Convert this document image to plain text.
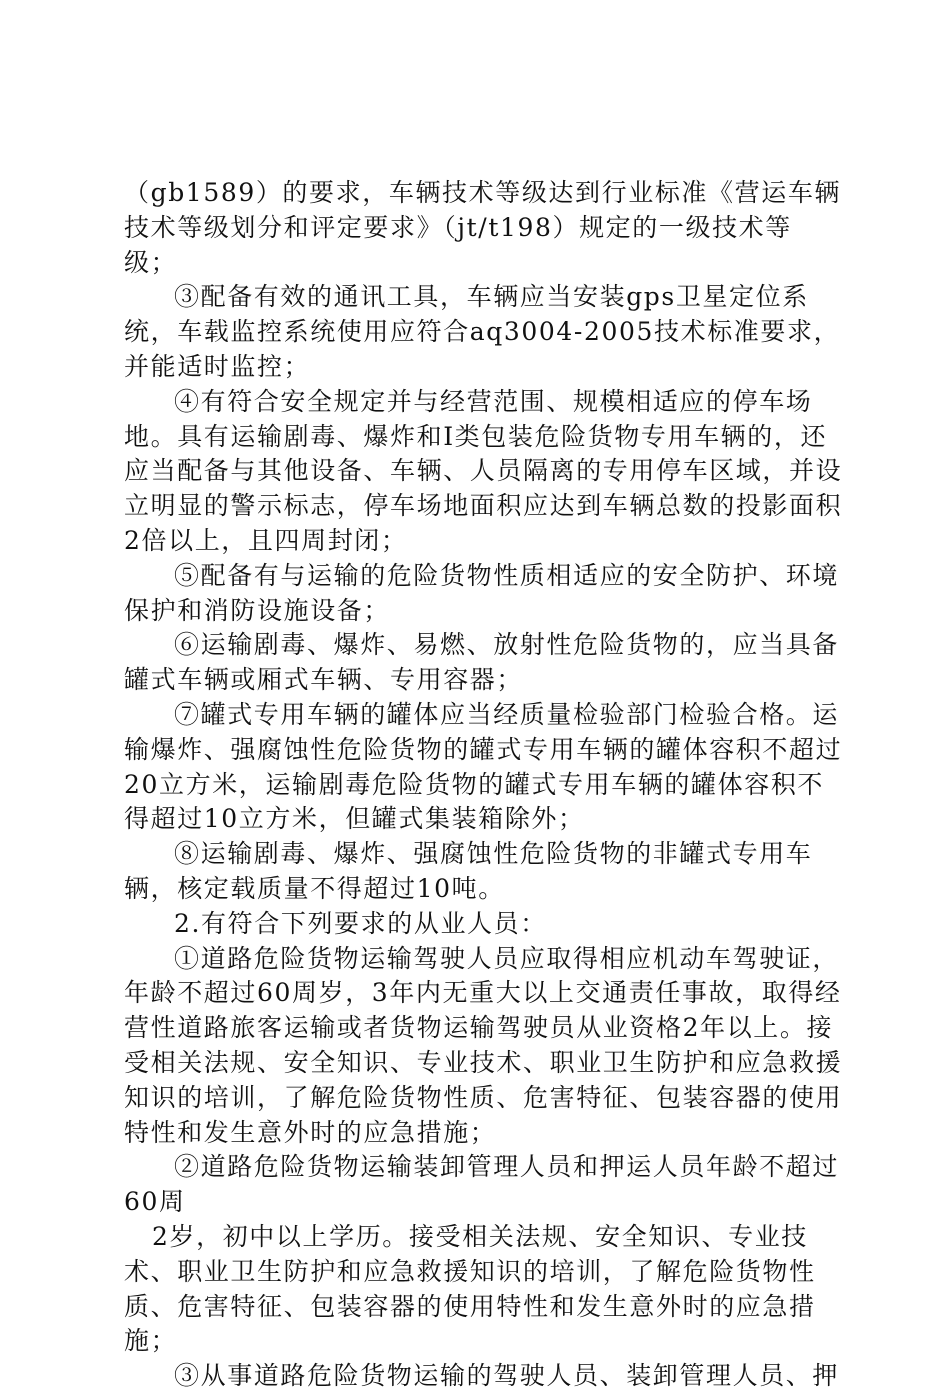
（gb1589）的要求，车辆技术等级达到行业标准《营运车辆技术等级划分和评定要求》（jt/t198）规定的一级技术等级；

③配备有效的通讯工具，车辆应当安装gps卫星定位系统，车载监控系统使用应符合aq3004-2005技术标准要求，并能适时监控；

④有符合安全规定并与经营范围、规模相适应的停车场地。具有运输剧毒、爆炸和Ⅰ类包装危险货物专用车辆的，还应当配备与其他设备、车辆、人员隔离的专用停车区域，并设立明显的警示标志，停车场地面积应达到车辆总数的投影面积2倍以上，且四周封闭；

⑤配备有与运输的危险货物性质相适应的安全防护、环境保护和消防设施设备；

⑥运输剧毒、爆炸、易燃、放射性危险货物的，应当具备罐式车辆或厢式车辆、专用容器；

⑦罐式专用车辆的罐体应当经质量检验部门检验合格。运输爆炸、强腐蚀性危险货物的罐式专用车辆的罐体容积不超过20立方米，运输剧毒危险货物的罐式专用车辆的罐体容积不得超过10立方米，但罐式集装箱除外；

⑧运输剧毒、爆炸、强腐蚀性危险货物的非罐式专用车辆，核定载质量不得超过10吨。

2.有符合下列要求的从业人员：

①道路危险货物运输驾驶人员应取得相应机动车驾驶证，年龄不超过60周岁，3年内无重大以上交通责任事故，取得经营性道路旅客运输或者货物运输驾驶员从业资格2年以上。接受相关法规、安全知识、专业技术、职业卫生防护和应急救援知识的培训，了解危险货物性质、危害特征、包装容器的使用特性和发生意外时的应急措施；

②道路危险货物运输装卸管理人员和押运人员年龄不超过60周

2岁，初中以上学历。接受相关法规、安全知识、专业技术、职业卫生防护和应急救援知识的培训，了解危险货物性质、危害特征、包装容器的使用特性和发生意外时的应急措施；

③从事道路危险货物运输的驾驶人员、装卸管理人员、押
